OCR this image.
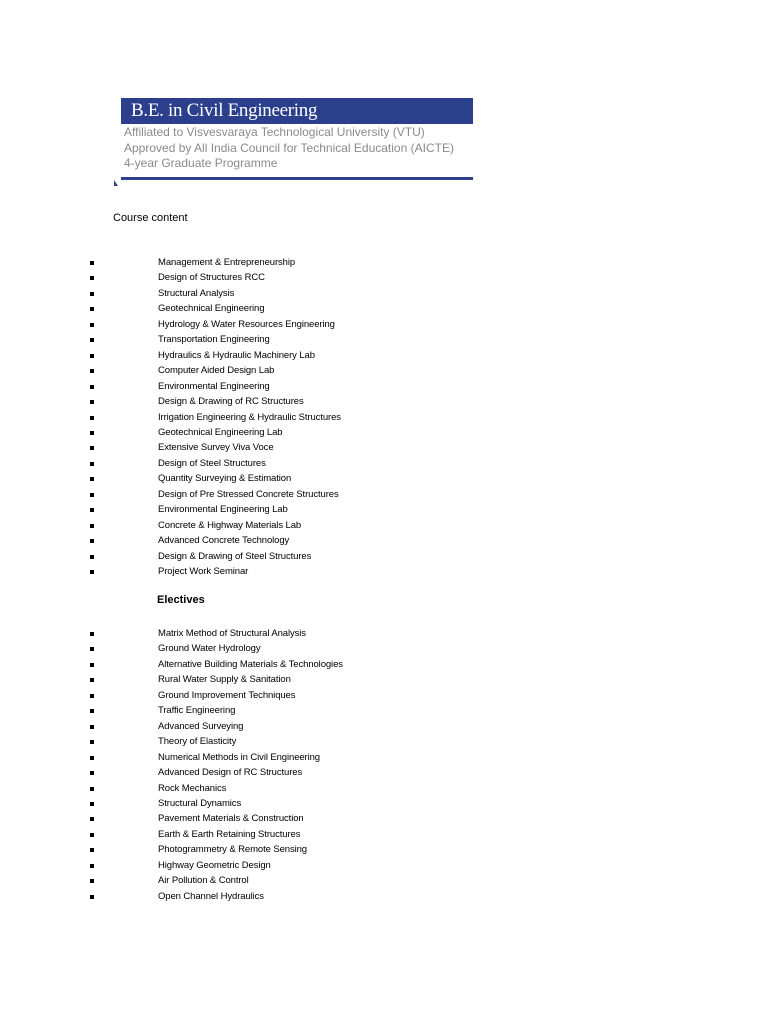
B.E. in Civil Engineering
Affiliated to Visvesvaraya Technological University (VTU)
Approved by All India Council for Technical Education (AICTE)
4-year Graduate Programme
Course content
Management & Entrepreneurship
Design of Structures RCC
Structural Analysis
Geotechnical Engineering
Hydrology & Water Resources Engineering
Transportation Engineering
Hydraulics & Hydraulic Machinery Lab
Computer Aided Design Lab
Environmental Engineering
Design & Drawing of RC Structures
Irrigation Engineering & Hydraulic Structures
Geotechnical Engineering Lab
Extensive Survey Viva Voce
Design of Steel Structures
Quantity Surveying & Estimation
Design of Pre Stressed Concrete Structures
Environmental Engineering Lab
Concrete & Highway Materials Lab
Advanced Concrete Technology
Design & Drawing of Steel Structures
Project Work Seminar
Electives
Matrix Method of Structural Analysis
Ground Water Hydrology
Alternative Building Materials & Technologies
Rural Water Supply & Sanitation
Ground Improvement Techniques
Traffic Engineering
Advanced Surveying
Theory of Elasticity
Numerical Methods in Civil Engineering
Advanced Design of RC Structures
Rock Mechanics
Structural Dynamics
Pavement Materials & Construction
Earth & Earth Retaining Structures
Photogrammetry & Remote Sensing
Highway Geometric Design
Air Pollution & Control
Open Channel Hydraulics
